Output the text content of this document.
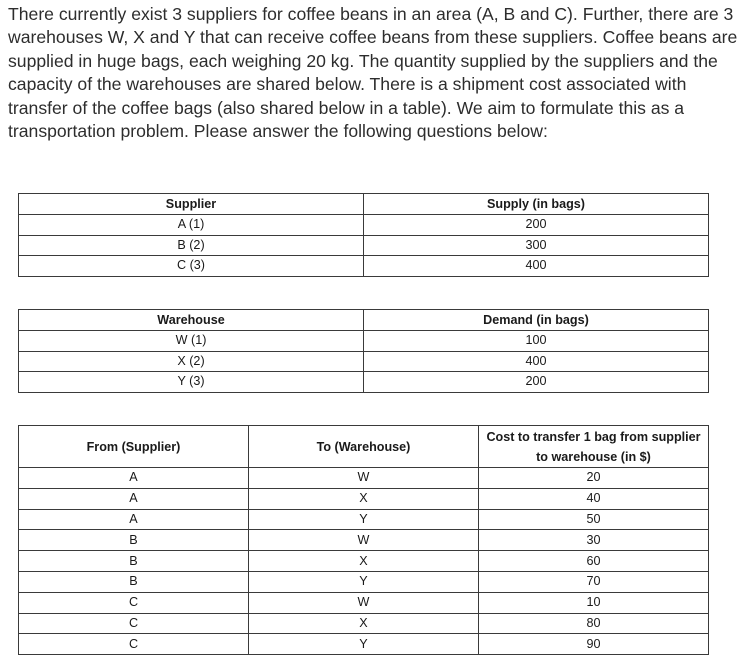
There currently exist 3 suppliers for coffee beans in an area (A, B and C). Further, there are 3 warehouses W, X and Y that can receive coffee beans from these suppliers. Coffee beans are supplied in huge bags, each weighing 20 kg. The quantity supplied by the suppliers and the capacity of the warehouses are shared below. There is a shipment cost associated with transfer of the coffee bags (also shared below in a table). We aim to formulate this as a transportation problem. Please answer the following questions below:

Supplier	Supply (in bags)
A (1)	200
B (2)	300
C (3)	400
Warehouse	Demand (in bags)
W (1)	100
X (2)	400
Y (3)	200
From (Supplier)	To (Warehouse)	Cost to transfer 1 bag from supplier to warehouse (in $)
A	W	20
A	X	40
A	Y	50
B	W	30
B	X	60
B	Y	70
C	W	10
C	X	80
C	Y	90
